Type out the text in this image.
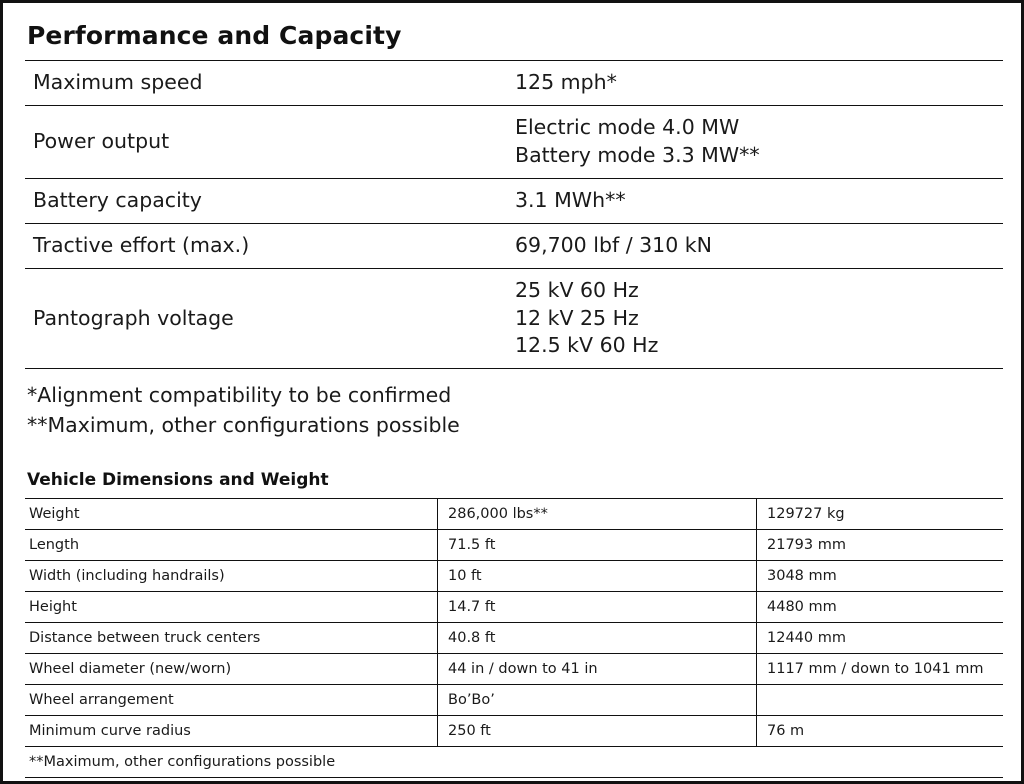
Performance and Capacity
Maximum speed	125 mph*

Power output	Electric mode 4.0 MW
Battery mode 3.3 MW**

Battery capacity	3.1 MWh**

Tractive effort (max.)	69,700 lbf / 310 kN

Pantograph voltage	25 kV 60 Hz
12 kV 25 Hz
12.5 kV 60 Hz
*Alignment compatibility to be confirmed
**Maximum, other configurations possible
Vehicle Dimensions and Weight
Weight	286,000 lbs**	129727 kg
Length	71.5 ft	21793 mm
Width (including handrails)	10 ft	3048 mm
Height	14.7 ft	4480 mm
Distance between truck centers	40.8 ft	12440 mm
Wheel diameter (new/worn)	44 in / down to 41 in	1117 mm / down to 1041 mm
Wheel arrangement	Bo’Bo’	
Minimum curve radius	250 ft	76 m
**Maximum, other configurations possible		
